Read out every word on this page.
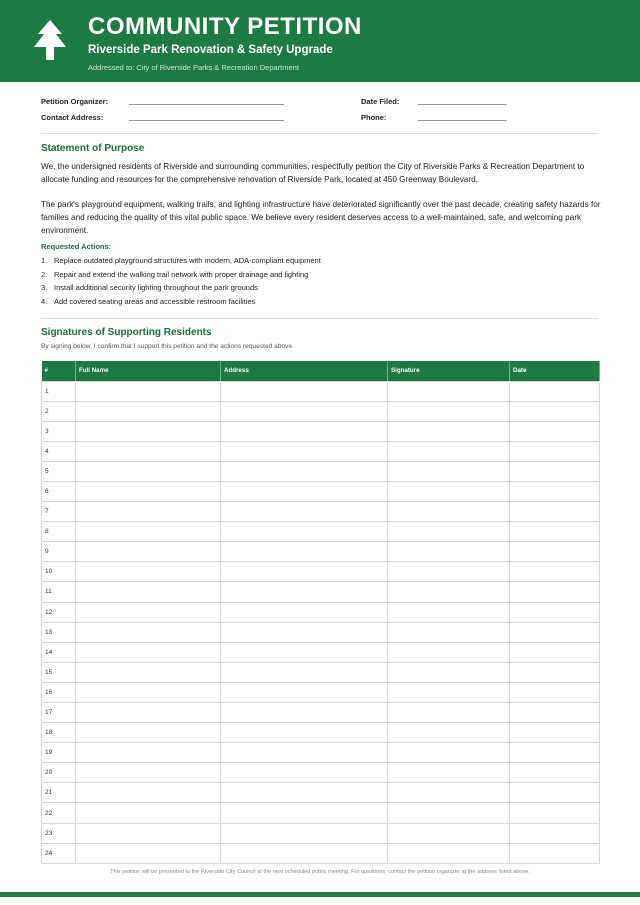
COMMUNITY PETITION
Riverside Park Renovation & Safety Upgrade
Addressed to: City of Riverside Parks & Recreation Department
Petition Organizer:
Contact Address:
Date Filed:
Phone:
Statement of Purpose
We, the undersigned residents of Riverside and surrounding communities, respectfully petition the City of Riverside Parks & Recreation Department to allocate funding and resources for the comprehensive renovation of Riverside Park, located at 450 Greenway Boulevard.
The park's playground equipment, walking trails, and lighting infrastructure have deteriorated significantly over the past decade, creating safety hazards for families and reducing the quality of this vital public space. We believe every resident deserves access to a well-maintained, safe, and welcoming park environment.
Requested Actions:
1. Replace outdated playground structures with modern, ADA-compliant equipment
2. Repair and extend the walking trail network with proper drainage and lighting
3. Install additional security lighting throughout the park grounds
4. Add covered seating areas and accessible restroom facilities
Signatures of Supporting Residents
By signing below, I confirm that I support this petition and the actions requested above.
#	Full Name	Address	Signature	Date
1				
2				
3				
4				
5				
6				
7				
8				
9				
10				
11				
12				
13				
14				
15				
16				
17				
18				
19				
20				
21				
22				
23				
24				
This petition will be presented to the Riverside City Council at the next scheduled public meeting. For questions, contact the petition organizer at the address listed above.
